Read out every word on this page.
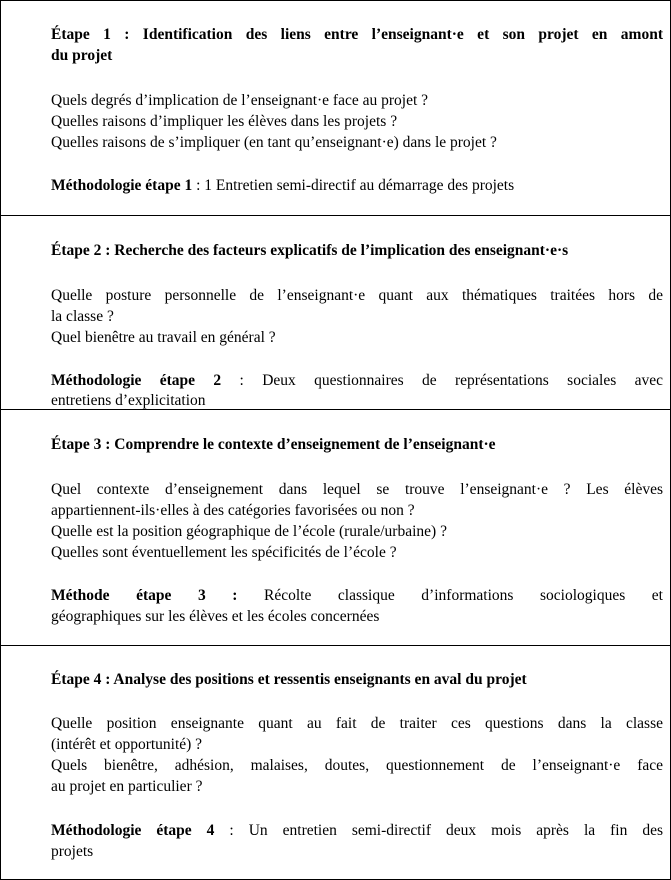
Étape 1 : Identification des liens entre l’enseignant·e et son projet en amont
du projet
Quels degrés d’implication de l’enseignant·e face au projet ?
Quelles raisons d’impliquer les élèves dans les projets ?
Quelles raisons de s’impliquer (en tant qu’enseignant·e) dans le projet ?
Méthodologie étape 1 : 1 Entretien semi-directif au démarrage des projets
Étape 2 : Recherche des facteurs explicatifs de l’implication des enseignant·e·s
Quelle posture personnelle de l’enseignant·e quant aux thématiques traitées hors de
la classe ?
Quel bienêtre au travail en général ?
Méthodologie étape 2 : Deux questionnaires de représentations sociales avec
entretiens d’explicitation
Étape 3 : Comprendre le contexte d’enseignement de l’enseignant·e
Quel contexte d’enseignement dans lequel se trouve l’enseignant·e ? Les élèves
appartiennent-ils·elles à des catégories favorisées ou non ?
Quelle est la position géographique de l’école (rurale/urbaine) ?
Quelles sont éventuellement les spécificités de l’école ?
Méthode étape 3 : Récolte classique d’informations sociologiques et
géographiques sur les élèves et les écoles concernées
Étape 4 : Analyse des positions et ressentis enseignants en aval du projet
Quelle position enseignante quant au fait de traiter ces questions dans la classe
(intérêt et opportunité) ?
Quels bienêtre, adhésion, malaises, doutes, questionnement de l’enseignant·e face
au projet en particulier ?
Méthodologie étape 4 : Un entretien semi-directif deux mois après la fin des
projets
